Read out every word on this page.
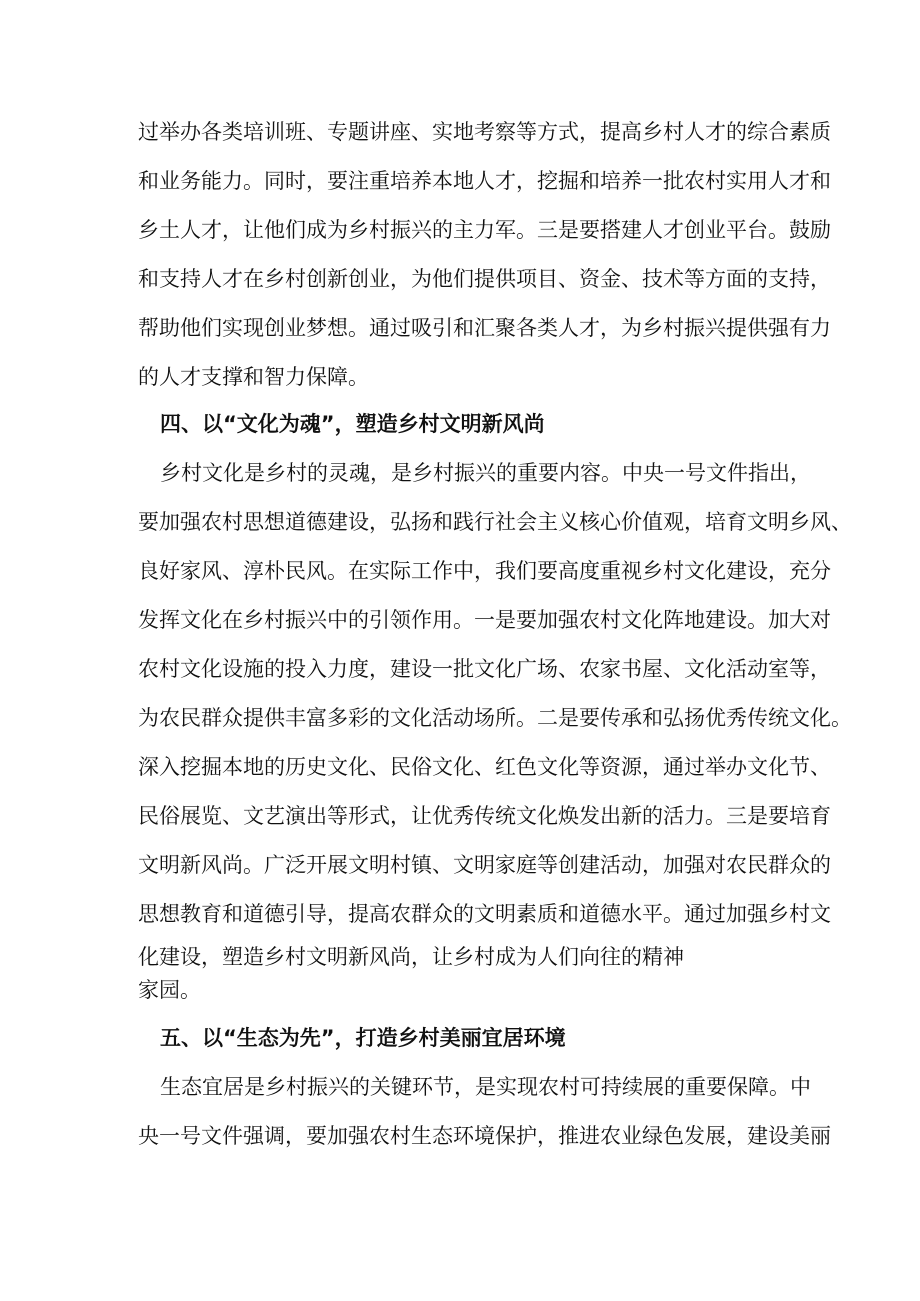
过举办各类培训班、专题讲座、实地考察等方式，提高乡村人才的综合素质
和业务能力。同时，要注重培养本地人才，挖掘和培养一批农村实用人才和
乡土人才，让他们成为乡村振兴的主力军。三是要搭建人才创业平台。鼓励
和支持人才在乡村创新创业，为他们提供项目、资金、技术等方面的支持，
帮助他们实现创业梦想。通过吸引和汇聚各类人才，为乡村振兴提供强有力
的人才支撑和智力保障。
四、以“文化为魂”，塑造乡村文明新风尚
乡村文化是乡村的灵魂，是乡村振兴的重要内容。中央一号文件指出，
要加强农村思想道德建设，弘扬和践行社会主义核心价值观，培育文明乡风、
良好家风、淳朴民风。在实际工作中，我们要高度重视乡村文化建设，充分
发挥文化在乡村振兴中的引领作用。一是要加强农村文化阵地建设。加大对
农村文化设施的投入力度，建设一批文化广场、农家书屋、文化活动室等，
为农民群众提供丰富多彩的文化活动场所。二是要传承和弘扬优秀传统文化。
深入挖掘本地的历史文化、民俗文化、红色文化等资源，通过举办文化节、
民俗展览、文艺演出等形式，让优秀传统文化焕发出新的活力。三是要培育
文明新风尚。广泛开展文明村镇、文明家庭等创建活动，加强对农民群众的
思想教育和道德引导，提高农群众的文明素质和道德水平。通过加强乡村文
化建设，塑造乡村文明新风尚，让乡村成为人们向往的精神
家园。
五、以“生态为先”，打造乡村美丽宜居环境
生态宜居是乡村振兴的关键环节，是实现农村可持续展的重要保障。中
央一号文件强调，要加强农村生态环境保护，推进农业绿色发展，建设美丽
